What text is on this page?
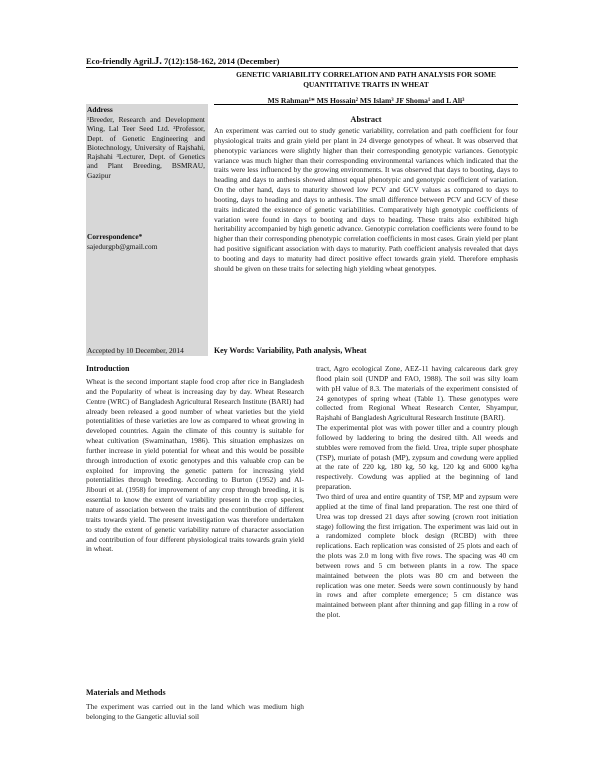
Eco-friendly Agril.J. 7(12):158-162, 2014 (December)
GENETIC VARIABILITY CORRELATION AND PATH ANALYSIS FOR SOME QUANTITATIVE TRAITS IN WHEAT
MS Rahman¹* MS Hossain² MS Islam³ JF Shoma¹ and L Ali³
Address
¹Breeder, Research and Development Wing, Lal Teer Seed Ltd. ²Professor, Dept. of Genetic Engineering and Biotechnology, University of Rajshahi, Rajshahi ³Lecturer, Dept. of Genetics and Plant Breeding, BSMRAU, Gazipur
Correspondence*
sajedurgpb@gmail.com
Accepted by 10 December, 2014
Abstract
An experiment was carried out to study genetic variability, correlation and path coefficient for four physiological traits and grain yield per plant in 24 diverge genotypes of wheat. It was observed that phenotypic variances were slightly higher than their corresponding genotypic variances. Genotypic variance was much higher than their corresponding environmental variances which indicated that the traits were less influenced by the growing environments. It was observed that days to booting, days to heading and days to anthesis showed almost equal phenotypic and genotypic coefficient of variation. On the other hand, days to maturity showed low PCV and GCV values as compared to days to booting, days to heading and days to anthesis. The small difference between PCV and GCV of these traits indicated the existence of genetic variabilities. Comparatively high genotypic coefficients of variation were found in days to booting and days to heading. These traits also exhibited high heritability accompanied by high genetic advance. Genotypic correlation coefficients were found to be higher than their corresponding phenotypic correlation coefficients in most cases. Grain yield per plant had positive significant association with days to maturity. Path coefficient analysis revealed that days to booting and days to maturity had direct positive effect towards grain yield. Therefore emphasis should be given on these traits for selecting high yielding wheat genotypes.
Key Words: Variability, Path analysis, Wheat
Introduction

Wheat is the second important staple food crop after rice in Bangladesh and the Popularity of wheat is increasing day by day. Wheat Research Centre (WRC) of Bangladesh Agricultural Research Institute (BARI) had already been released a good number of wheat varieties but the yield potentialities of these varieties are low as compared to wheat growing in developed countries. Again the climate of this country is suitable for wheat cultivation (Swaminathan, 1986). This situation emphasizes on further increase in yield potential for wheat and this would be possible through introduction of exotic genotypes and this valuable crop can be exploited for improving the genetic pattern for increasing yield potentialities through breeding. According to Burton (1952) and Al-Jibouri et al. (1958) for improvement of any crop through breeding, it is essential to know the extent of variability present in the crop species, nature of association between the traits and the contribution of different traits towards yield. The present investigation was therefore undertaken to study the extent of genetic variability nature of character association and contribution of four different physiological traits towards grain yield in wheat.

Materials and Methods

The experiment was carried out in the land which was medium high belonging to the Gangetic alluvial soil

tract, Agro ecological Zone, AEZ-11 having calcareous dark grey flood plain soil (UNDP and FAO, 1988). The soil was silty loam with pH value of 8.3. The materials of the experiment consisted of 24 genotypes of spring wheat (Table 1). These genotypes were collected from Regional Wheat Research Center, Shyampur, Rajshahi of Bangladesh Agricultural Research Institute (BARI).

The experimental plot was with power tiller and a country plough followed by laddering to bring the desired tilth. All weeds and stubbles were removed from the field. Urea, triple super phosphate (TSP), muriate of potash (MP), zypsum and cowdung were applied at the rate of 220 kg, 180 kg, 50 kg, 120 kg and 6000 kg/ha respectively. Cowdung was applied at the beginning of land preparation.

Two third of urea and entire quantity of TSP, MP and zypsum were applied at the time of final land preparation. The rest one third of Urea was top dressed 21 days after sowing (crown root initiation stage) following the first irrigation. The experiment was laid out in a randomized complete block design (RCBD) with three replications. Each replication was consisted of 25 plots and each of the plots was 2.0 m long with five rows. The spacing was 40 cm between rows and 5 cm between plants in a row. The space maintained between the plots was 80 cm and between the replication was one meter. Seeds were sown continuously by hand in rows and after complete emergence; 5 cm distance was maintained between plant after thinning and gap filling in a row of the plot.
